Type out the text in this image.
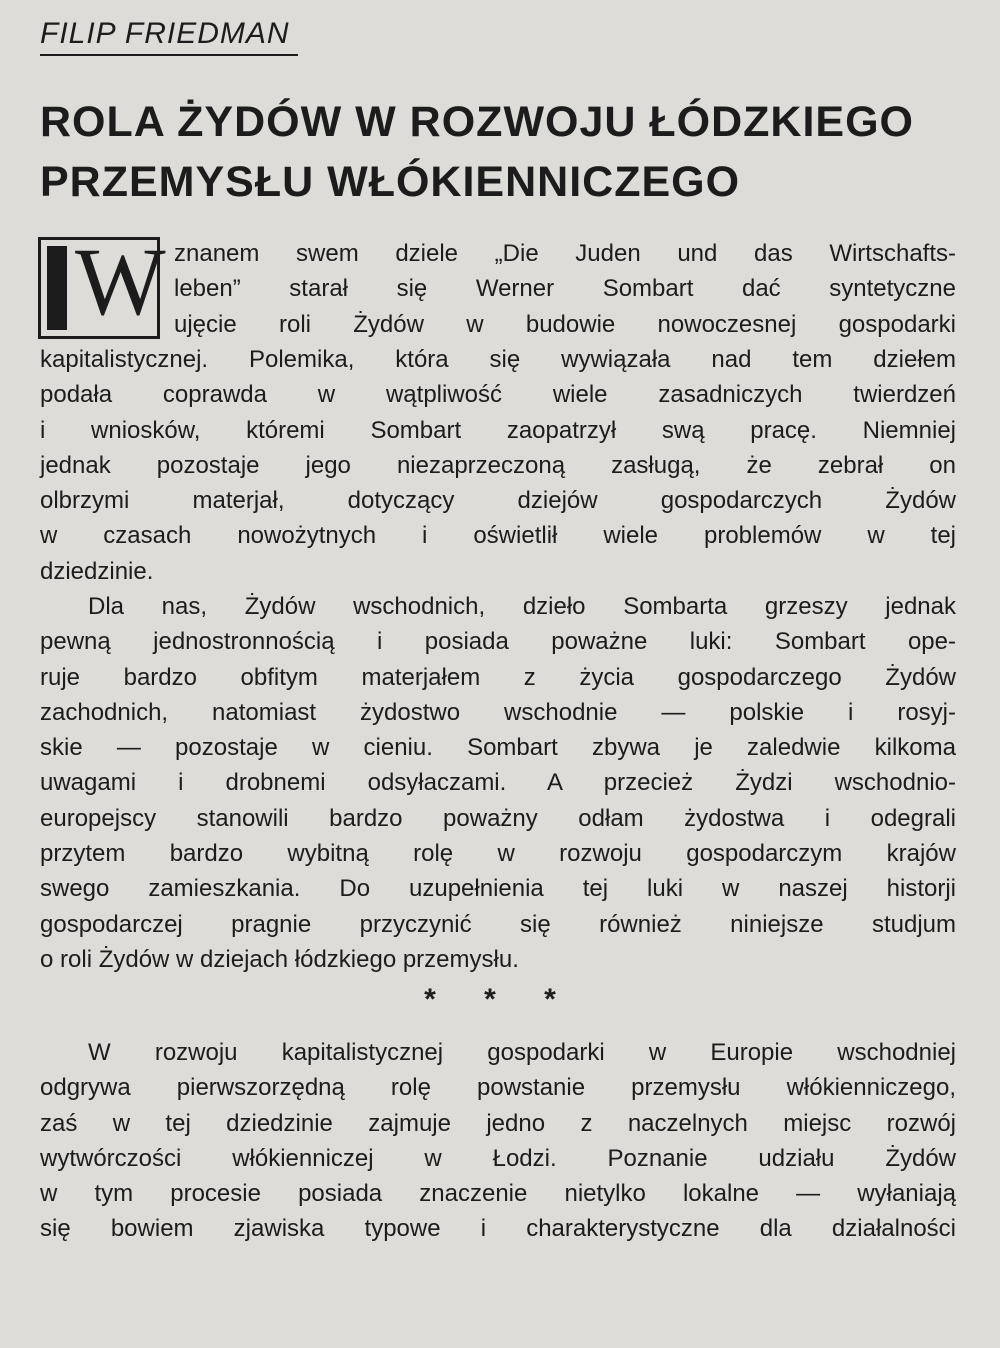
FILIP FRIEDMAN
ROLA ŻYDÓW W ROZWOJU ŁÓDZKIEGO
PRZEMYSŁU WŁÓKIENNICZEGO
W znanem swem dziele „Die Juden und das Wirtschafts-
leben” starał się Werner Sombart dać syntetyczne
ujęcie roli Żydów w budowie nowoczesnej gospodarki
kapitalistycznej. Polemika, która się wywiązała nad tem dziełem
podała coprawda w wątpliwość wiele zasadniczych twierdzeń
i wniosków, któremi Sombart zaopatrzył swą pracę. Niemniej
jednak pozostaje jego niezaprzeczoną zasługą, że zebrał on
olbrzymi materjał, dotyczący dziejów gospodarczych Żydów
w czasach nowożytnych i oświetlił wiele problemów w tej
dziedzinie.
Dla nas, Żydów wschodnich, dzieło Sombarta grzeszy jednak
pewną jednostronnością i posiada poważne luki: Sombart ope-
ruje bardzo obfitym materjałem z życia gospodarczego Żydów
zachodnich, natomiast żydostwo wschodnie — polskie i rosyj-
skie — pozostaje w cieniu. Sombart zbywa je zaledwie kilkoma
uwagami i drobnemi odsyłaczami. A przecież Żydzi wschodnio-
europejscy stanowili bardzo poważny odłam żydostwa i odegrali
przytem bardzo wybitną rolę w rozwoju gospodarczym krajów
swego zamieszkania. Do uzupełnienia tej luki w naszej historji
gospodarczej pragnie przyczynić się również niniejsze studjum
o roli Żydów w dziejach łódzkiego przemysłu.
* * *
W rozwoju kapitalistycznej gospodarki w Europie wschodniej
odgrywa pierwszorzędną rolę powstanie przemysłu włókienniczego,
zaś w tej dziedzinie zajmuje jedno z naczelnych miejsc rozwój
wytwórczości włókienniczej w Łodzi. Poznanie udziału Żydów
w tym procesie posiada znaczenie nietylko lokalne — wyłaniają
się bowiem zjawiska typowe i charakterystyczne dla działalności
